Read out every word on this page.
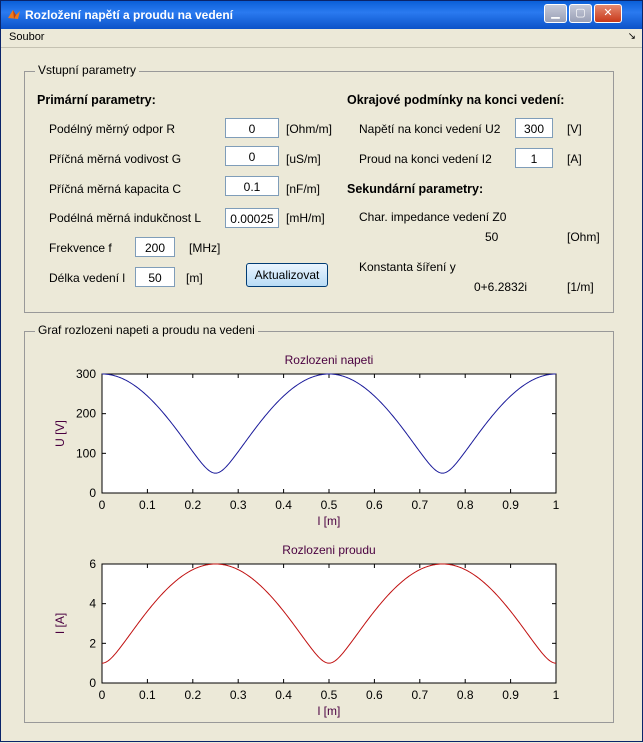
Rozložení napětí a proudu na vedení	▁	▢	✕
Soubor	↘
Vstupní parametry
Primární parametry:
Podélný měrný odpor R	0	[Ohm/m]
Příčná měrná vodivost G	0	[uS/m]
Příčná měrná kapacita C	0.1	[nF/m]
Podélná měrná indukčnost L	0.00025	[mH/m]
Frekvence f	200	[MHz]
Délka vedení l	50	[m]	Aktualizovat
Okrajové podmínky na konci vedení:
Napětí na konci vedení U2	300	[V]
Proud na konci vedení I2	1	[A]
Sekundární parametry:
Char. impedance vedení Z0
50	[Ohm]
Konstanta šíření y
0+6.2832i	[1/m]
Graf rozlozeni napeti a proudu na vedeni
Rozlozeni napeti
0	0.1 0.2 0.3 0.4 0.5 0.6 0.7 0.8 0.9	1
0
100
200
300
l [m]
U [V]
Rozlozeni proudu
0	0.1 0.2 0.3 0.4 0.5 0.6 0.7 0.8 0.9	1
0
2
4
6
l [m]
I [A]
